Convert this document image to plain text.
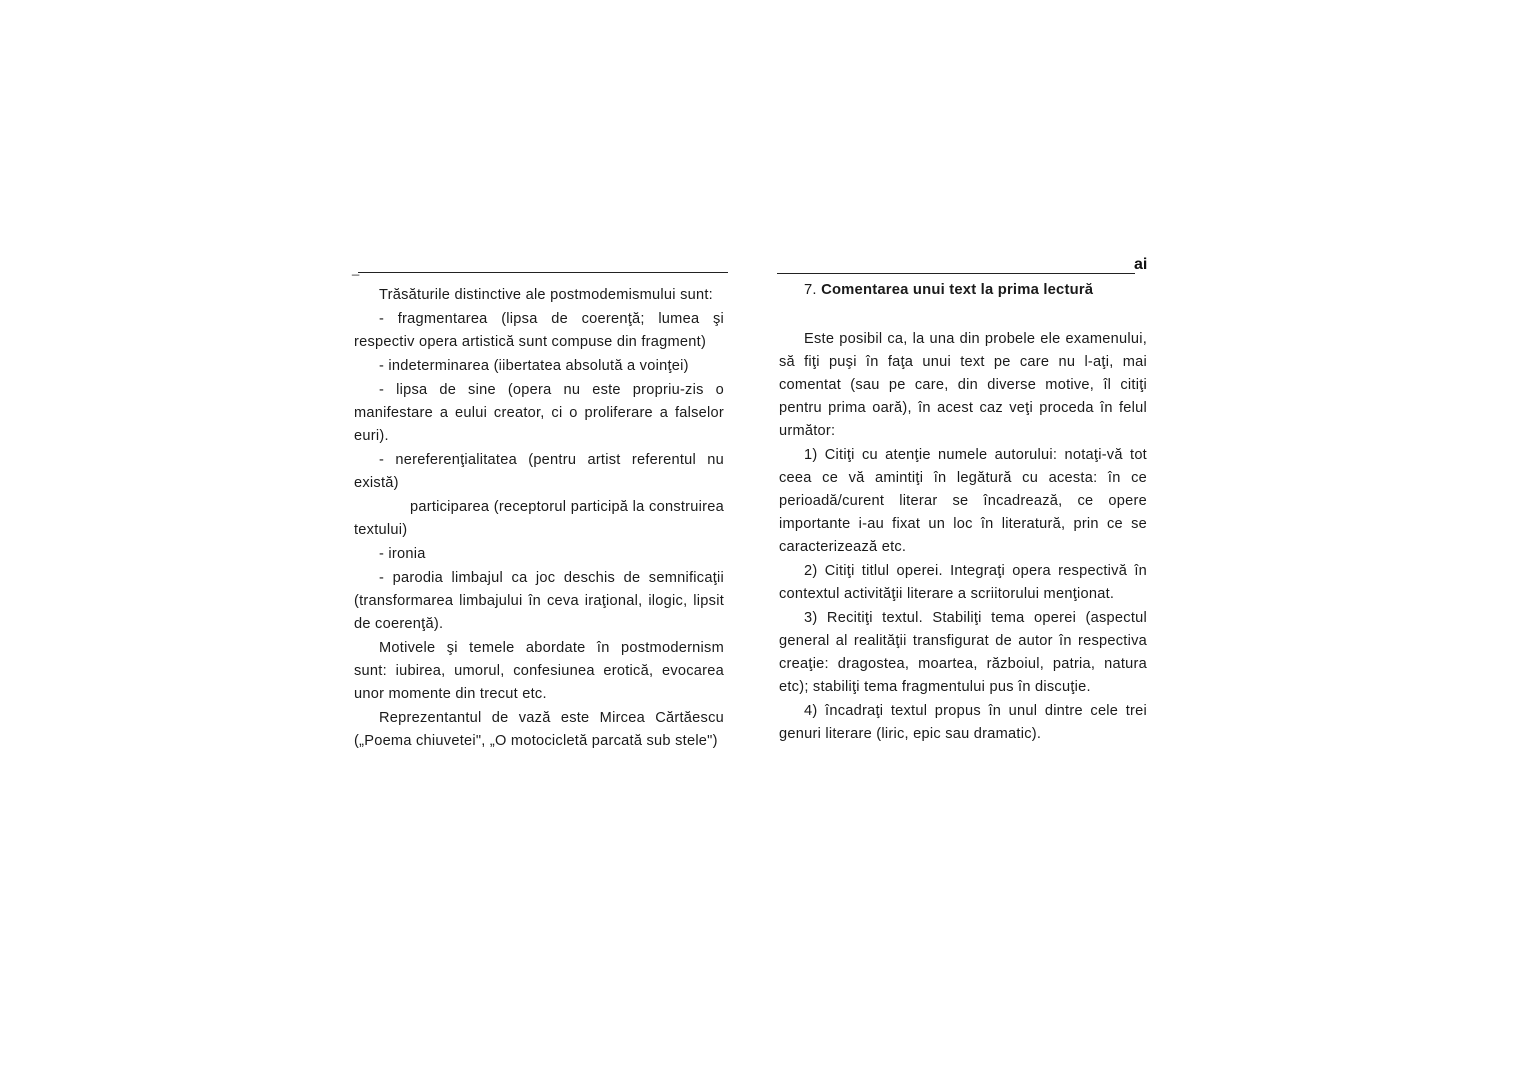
_

Trăsăturile distinctive ale postmodemismului sunt:

- fragmentarea (lipsa de coerenţă; lumea şi respectiv opera artistică sunt compuse din fragment)

- indeterminarea (iibertatea absolută a voinţei)

- lipsa de sine (opera nu este propriu-zis o manifestare a eului creator, ci o proliferare a falselor euri).

- nereferenţialitatea (pentru artist referentul nu există)

participarea (receptorul participă la construirea textului)

- ironia

- parodia limbajul ca joc deschis de semnificaţii (transformarea limbajului în ceva iraţional, ilogic, lipsit de coerenţă).

Motivele şi temele abordate în postmodernism sunt: iubirea, umorul, confesiunea erotică, evocarea unor momente din trecut etc.

Reprezentantul de vază este Mircea Cărtăescu („Poema chiuvetei", „O motocicletă parcată sub stele")

ai
7. Comentarea unui text la prima lectură

Este posibil ca, la una din probele ele examenului, să fiţi puşi în faţa unui text pe care nu l-aţi, mai comentat (sau pe care, din diverse motive, îl citiţi pentru prima oară), în acest caz veţi proceda în felul următor:

1) Citiţi cu atenţie numele autorului: notaţi-vă tot ceea ce vă amintiţi în legătură cu acesta: în ce perioadă/curent literar se încadrează, ce opere importante i-au fixat un loc în literatură, prin ce se caracterizează etc.

2) Citiţi titlul operei. Integraţi opera respectivă în contextul activităţii literare a scriitorului menţionat.

3) Recitiţi textul. Stabiliţi tema operei (aspectul general al realităţii transfigurat de autor în respectiva creaţie: dragostea, moartea, războiul, patria, natura etc); stabiliţi tema fragmentului pus în discuţie.

4) încadraţi textul propus în unul dintre cele trei genuri literare (liric, epic sau dramatic).
